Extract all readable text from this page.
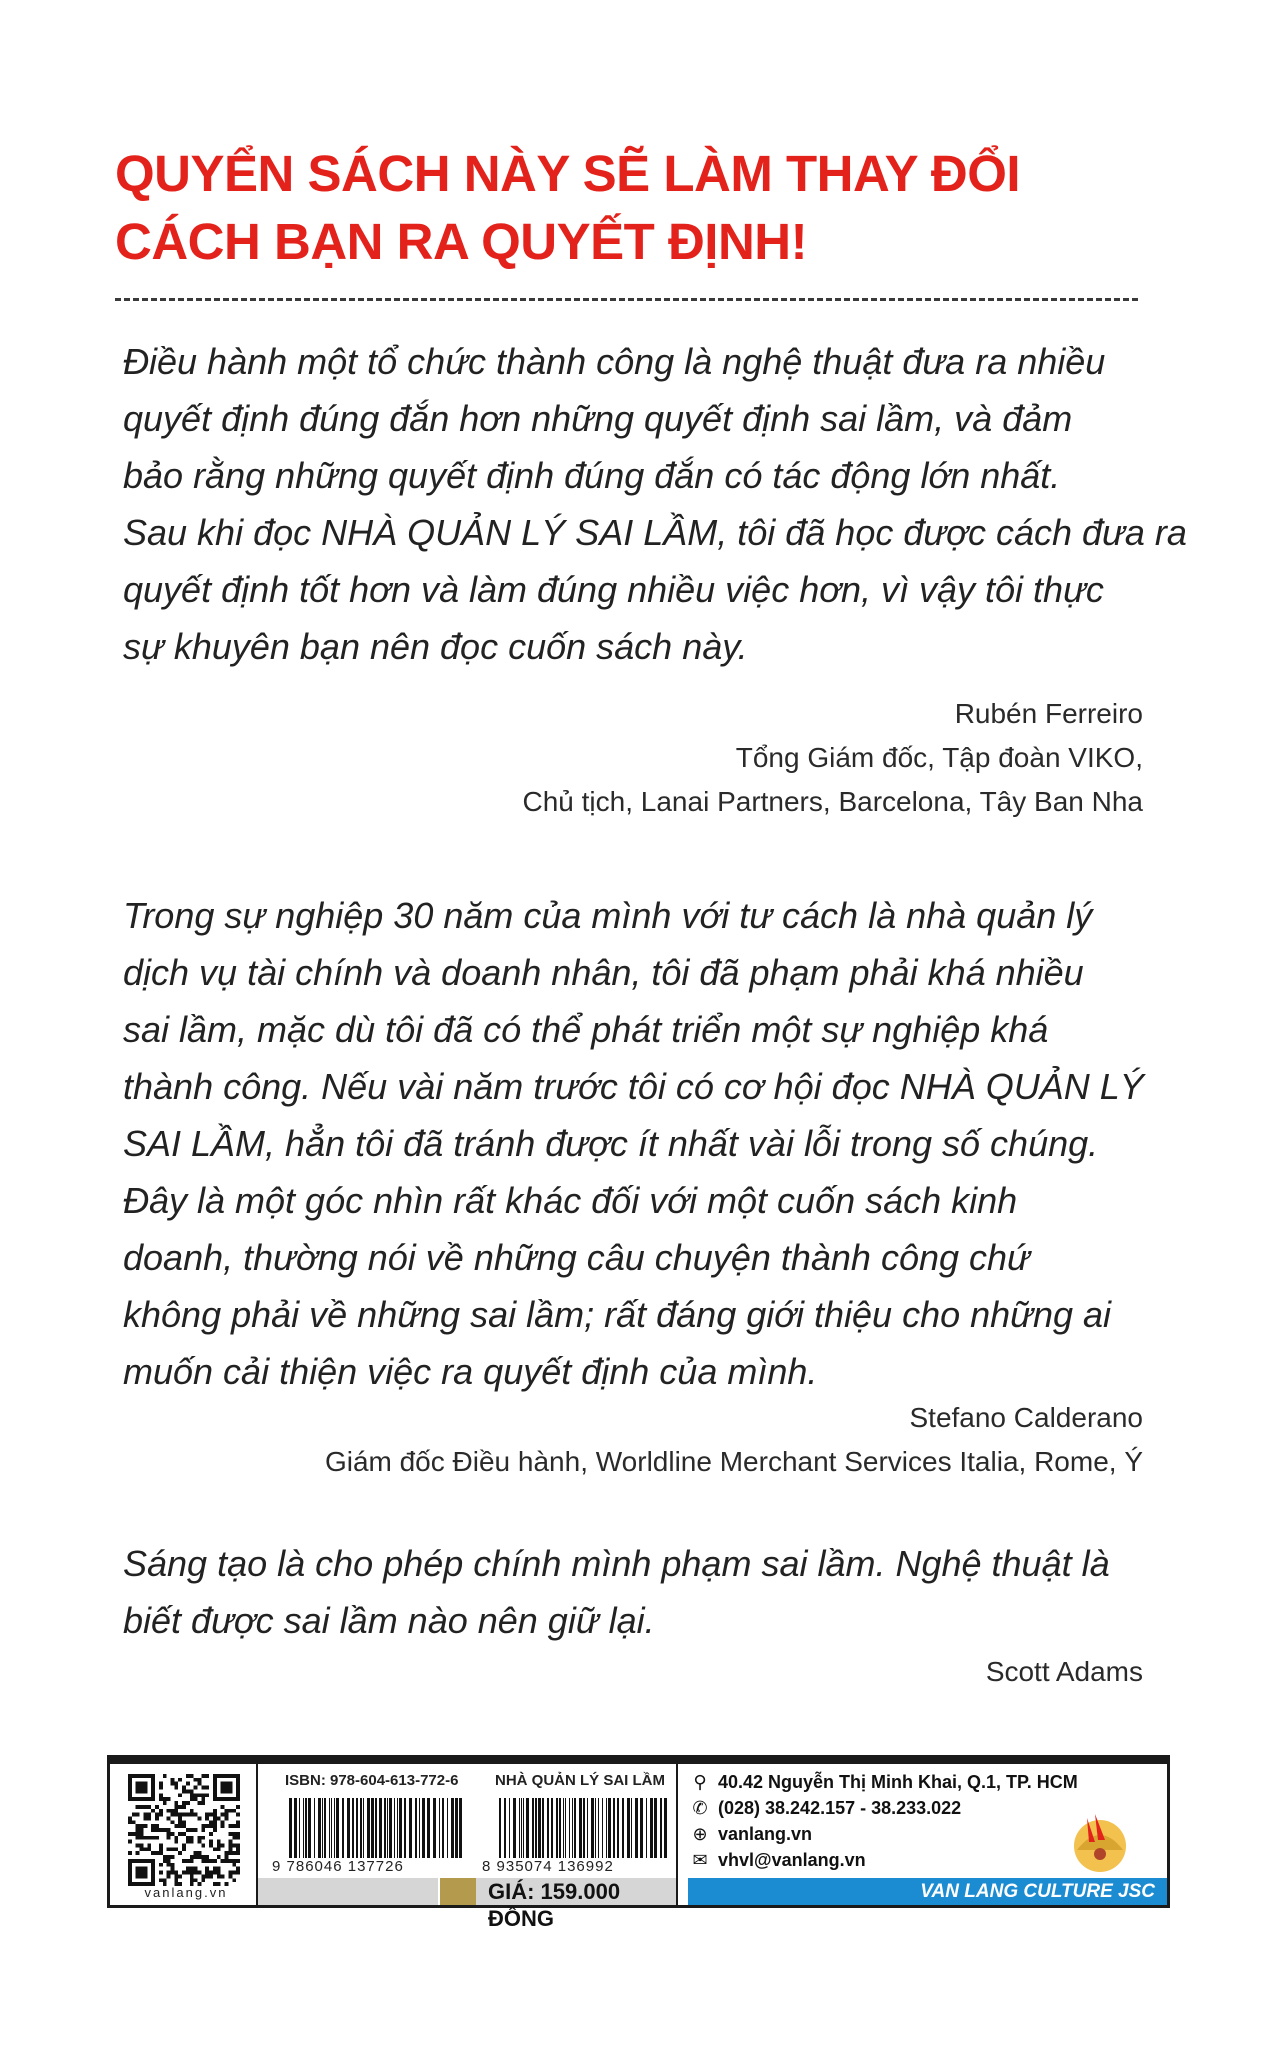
QUYỂN SÁCH NÀY SẼ LÀM THAY ĐỔI
CÁCH BẠN RA QUYẾT ĐỊNH!
Điều hành một tổ chức thành công là nghệ thuật đưa ra nhiều
quyết định đúng đắn hơn những quyết định sai lầm, và đảm
bảo rằng những quyết định đúng đắn có tác động lớn nhất.
Sau khi đọc NHÀ QUẢN LÝ SAI LẦM, tôi đã học được cách đưa ra
quyết định tốt hơn và làm đúng nhiều việc hơn, vì vậy tôi thực
sự khuyên bạn nên đọc cuốn sách này.
Rubén Ferreiro
Tổng Giám đốc, Tập đoàn VIKO,
Chủ tịch, Lanai Partners, Barcelona, Tây Ban Nha
Trong sự nghiệp 30 năm của mình với tư cách là nhà quản lý
dịch vụ tài chính và doanh nhân, tôi đã phạm phải khá nhiều
sai lầm, mặc dù tôi đã có thể phát triển một sự nghiệp khá
thành công. Nếu vài năm trước tôi có cơ hội đọc NHÀ QUẢN LÝ
SAI LẦM, hẳn tôi đã tránh được ít nhất vài lỗi trong số chúng.
Đây là một góc nhìn rất khác đối với một cuốn sách kinh
doanh, thường nói về những câu chuyện thành công chứ
không phải về những sai lầm; rất đáng giới thiệu cho những ai
muốn cải thiện việc ra quyết định của mình.
Stefano Calderano
Giám đốc Điều hành, Worldline Merchant Services Italia, Rome, Ý
Sáng tạo là cho phép chính mình phạm sai lầm. Nghệ thuật là
biết được sai lầm nào nên giữ lại.
Scott Adams
vanlang.vn
ISBN: 978-604-613-772-6 NHÀ QUẢN LÝ SAI LẦM
9 786046 137726	8 935074 136992
GIÁ: 159.000 ĐỒNG
⚲ 40.42 Nguyễn Thị Minh Khai, Q.1, TP. HCM
✆ (028) 38.242.157 - 38.233.022
⊕ vanlang.vn
✉ vhvl@vanlang.vn
VAN LANG CULTURE JSC
